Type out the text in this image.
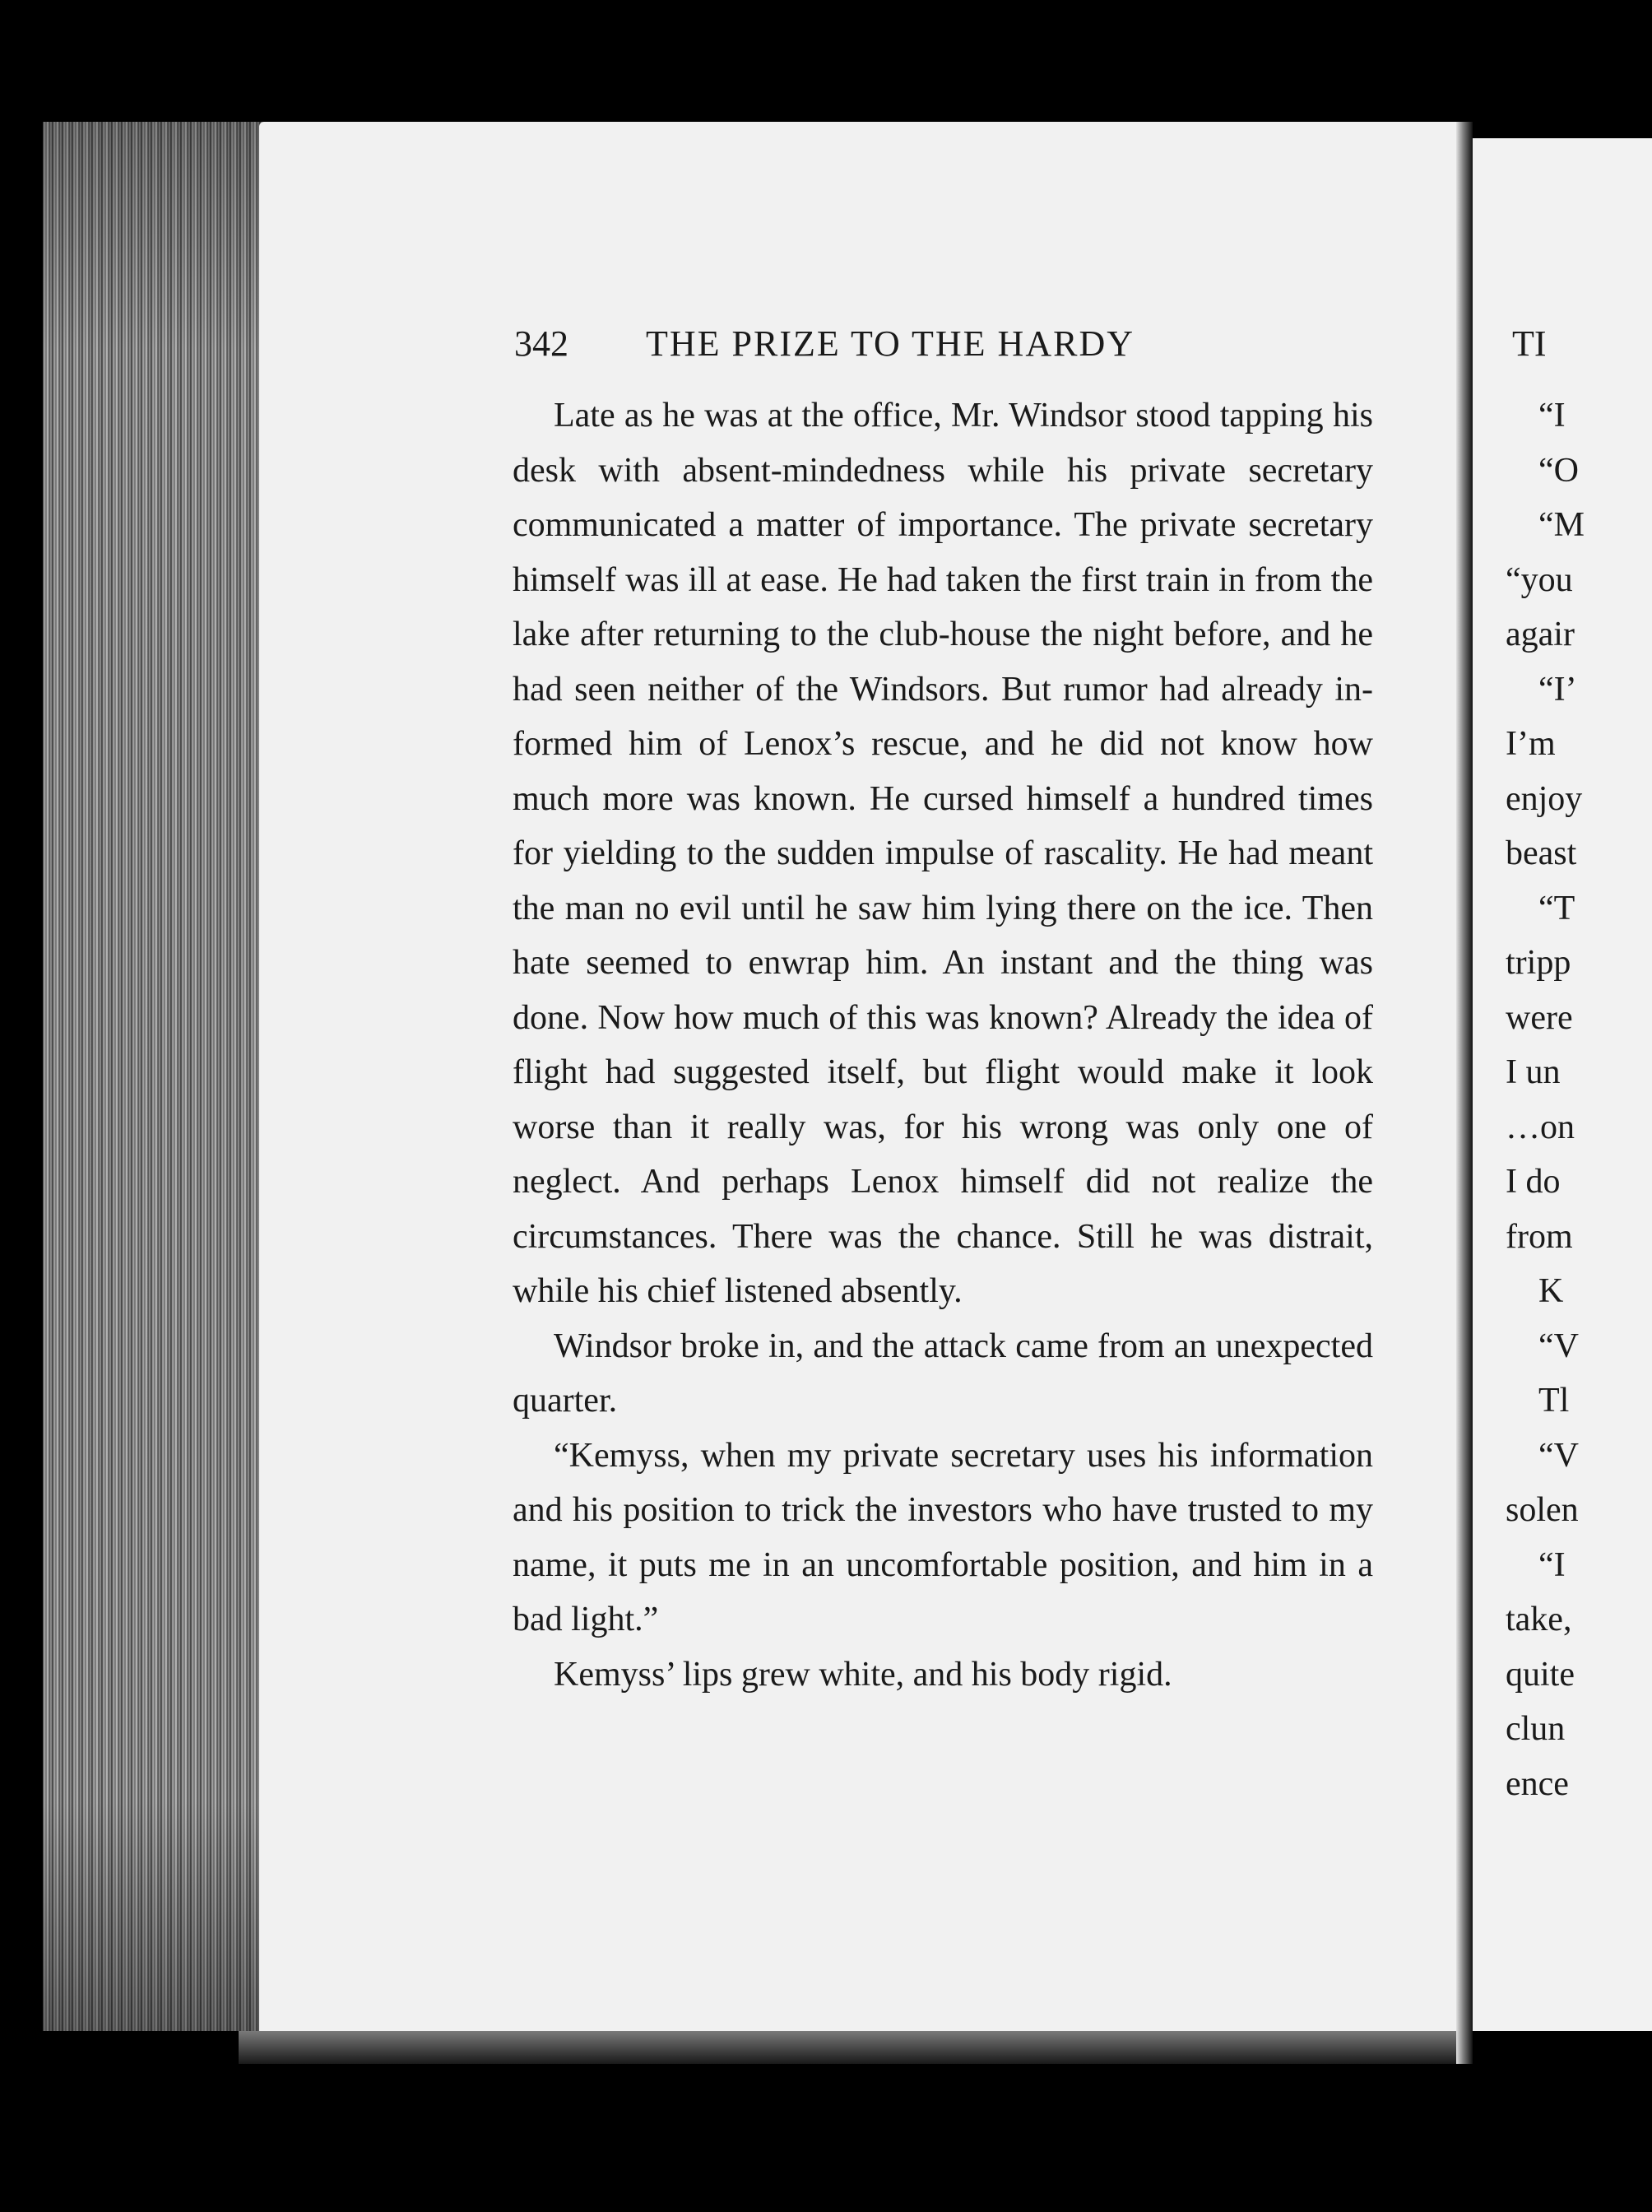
342 THE PRIZE TO THE HARDY

Late as he was at the office, Mr. Windsor stood tapping his desk with absent-mindedness while his private secretary communicated a matter of importance. The private secretary himself was ill at ease. He had taken the first train in from the lake after returning to the club-house the night before, and he had seen neither of the Windsors. But rumor had already informed him of Lenox’s rescue, and he did not know how much more was known. He cursed himself a hundred times for yielding to the sudden impulse of rascality. He had meant the man no evil until he saw him lying there on the ice. Then hate seemed to enwrap him. An instant and the thing was done. Now how much of this was known? Already the idea of flight had suggested itself, but flight would make it look worse than it really was, for his wrong was only one of neglect. And perhaps Lenox himself did not realize the circumstances. There was the chance. Still he was distrait, while his chief listened absently.

Windsor broke in, and the attack came from an unexpected quarter.

“Kemyss, when my private secretary uses his information and his position to trick the investors who have trusted to my name, it puts me in an uncomfortable position, and him in a bad light.”

Kemyss’ lips grew white, and his body rigid.

TI
“I
“O
“M
“you
agair
“I’
I’m
enjoy
beast
“T
tripp
were
I un
…on
I do
from
K
“V
Tl
“V
solen
“I
take,
quite
clun
ence
